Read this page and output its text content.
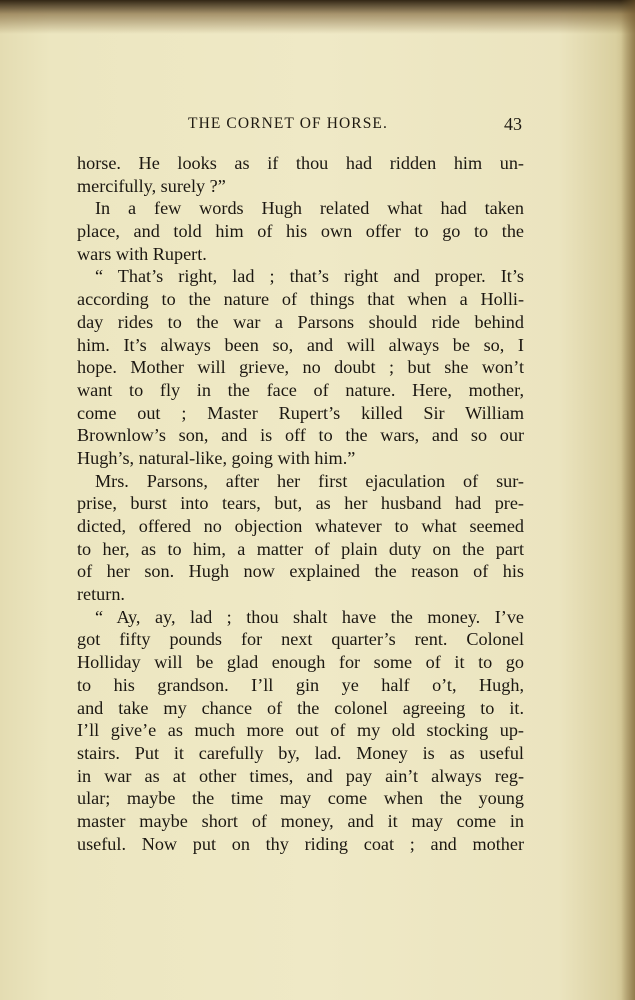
THE CORNET OF HORSE.	43
horse. He looks as if thou had ridden him un-
mercifully, surely ?”
In a few words Hugh related what had taken
place, and told him of his own offer to go to the
wars with Rupert.
“ That’s right, lad ; that’s right and proper. It’s
according to the nature of things that when a Holli-
day rides to the war a Parsons should ride behind
him. It’s always been so, and will always be so, I
hope. Mother will grieve, no doubt ; but she won’t
want to fly in the face of nature. Here, mother,
come out ; Master Rupert’s killed Sir William
Brownlow’s son, and is off to the wars, and so our
Hugh’s, natural-like, going with him.”
Mrs. Parsons, after her first ejaculation of sur-
prise, burst into tears, but, as her husband had pre-
dicted, offered no objection whatever to what seemed
to her, as to him, a matter of plain duty on the part
of her son. Hugh now explained the reason of his
return.
“ Ay, ay, lad ; thou shalt have the money. I’ve
got fifty pounds for next quarter’s rent. Colonel
Holliday will be glad enough for some of it to go
to his grandson. I’ll gin ye half o’t, Hugh,
and take my chance of the colonel agreeing to it.
I’ll give’e as much more out of my old stocking up-
stairs. Put it carefully by, lad. Money is as useful
in war as at other times, and pay ain’t always reg-
ular; maybe the time may come when the young
master maybe short of money, and it may come in
useful. Now put on thy riding coat ; and mother
